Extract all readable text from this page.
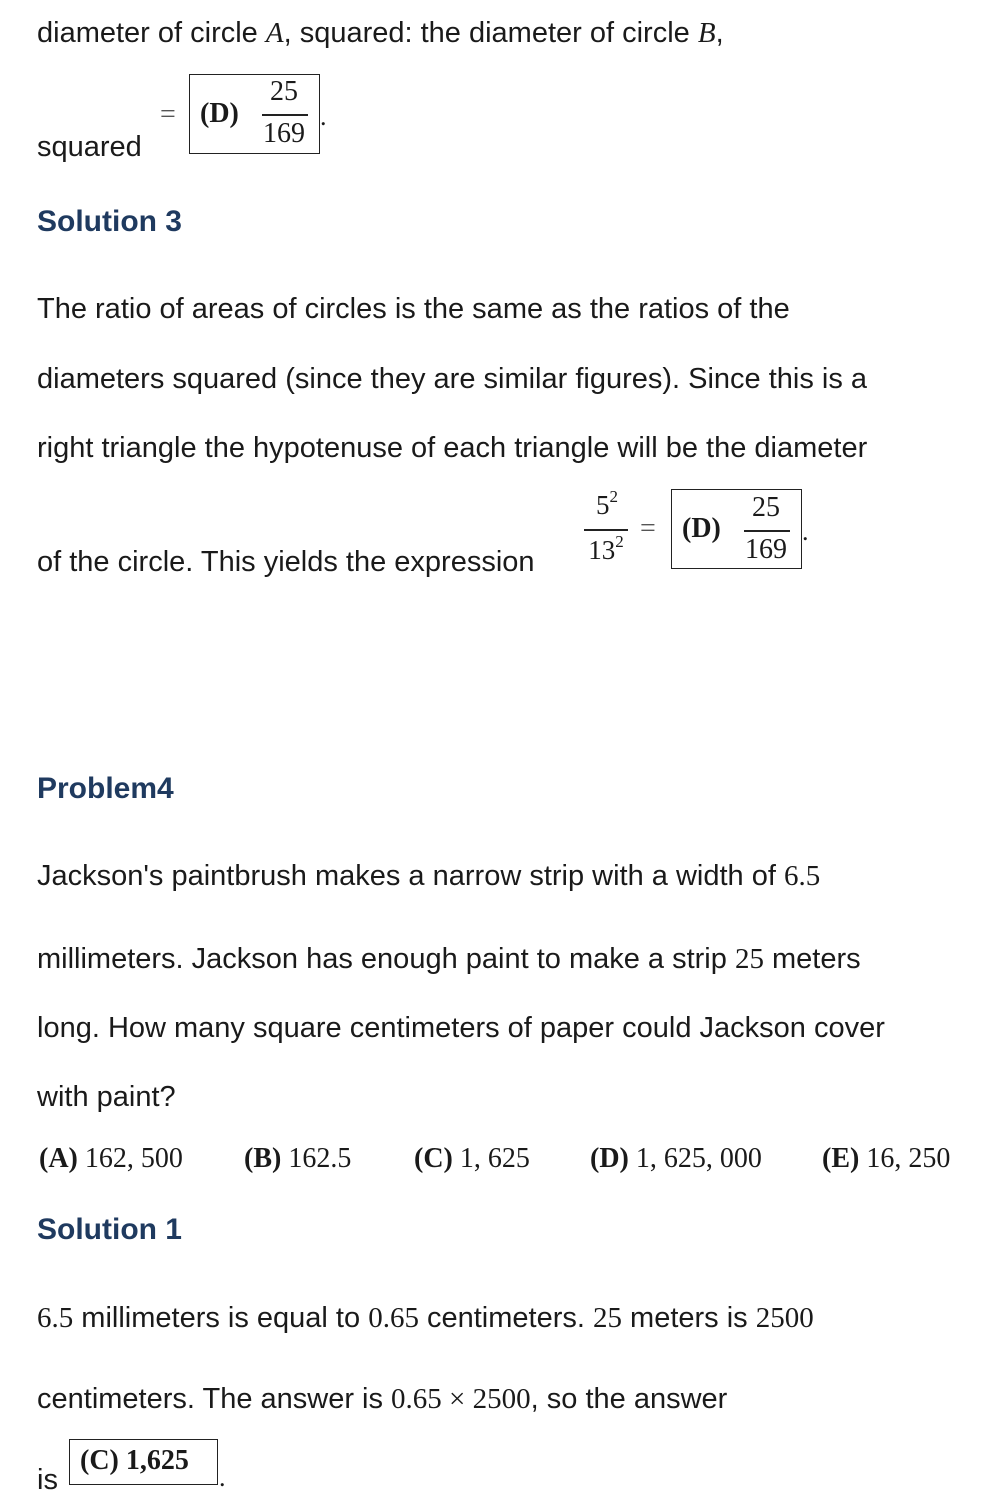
diameter of circle A, squared: the diameter of circle B,
squared
= (D)
25
169
.
Solution 3
The ratio of areas of circles is the same as the ratios of the
diameters squared (since they are similar figures). Since this is a
right triangle the hypotenuse of each triangle will be the diameter
of the circle. This yields the expression
$5^2$
$13^2 = (D)$
25
169
.
Problem4
Jackson's paintbrush makes a narrow strip with a width of 6.5
millimeters. Jackson has enough paint to make a strip 25 meters
long. How many square centimeters of paper could Jackson cover
with paint?
(A) 162, 500 (B) 162.5 (C) 1, 625 (D) 1, 625, 000 (E) 16, 250
Solution 1
6.5 millimeters is equal to 0.65 centimeters. 25 meters is 2500
centimeters. The answer is 0.65 × 2500, so the answer
is
(C) 1,625
.
